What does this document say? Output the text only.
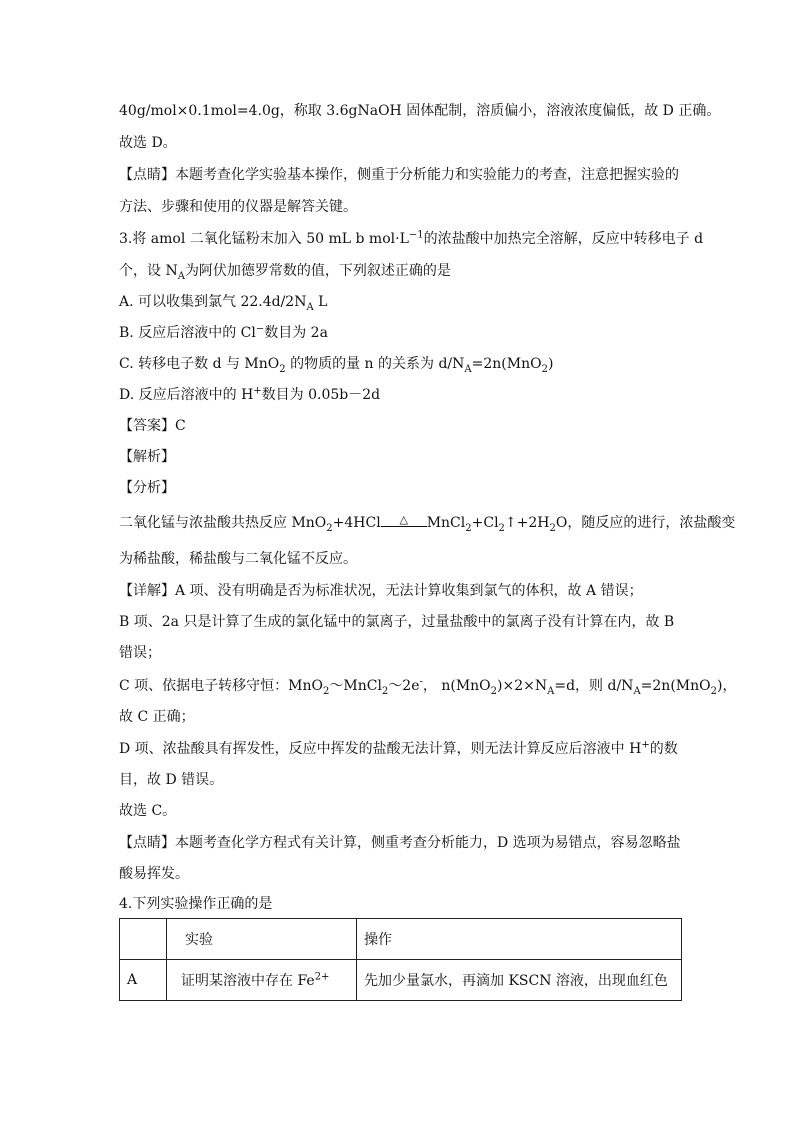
40g/mol×0.1mol=4.0g，称取 3.6gNaOH 固体配制，溶质偏小，溶液浓度偏低，故 D 正确。
故选 D。
【点睛】本题考查化学实验基本操作，侧重于分析能力和实验能力的考查，注意把握实验的
方法、步骤和使用的仪器是解答关键。
3.将 amol 二氧化锰粉末加入 50 mL b $mol\cdot L^{-1}$的浓盐酸中加热完全溶解，反应中转移电子 d
个，设 $N_A$为阿伏加德罗常数的值，下列叙述正确的是
A. 可以收集到氯气 $22.4d/2N_A$ L
B. 反应后溶液中的 Cl−数目为 2a
C. 转移电子数 d 与 MnO$_2$ 的物质的量 n 的关系为 $d/N_A=2n(MnO_2)$
D. 反应后溶液中的 H+数目为 0.05b－2d
【答案】C
【解析】
【分析】
二氧化锰与浓盐酸共热反应 MnO$_2$+4HCl	△	$MnCl_2+Cl_2↑+2H_2O$，随反应的进行，浓盐酸变
为稀盐酸，稀盐酸与二氧化锰不反应。
【详解】A 项、没有明确是否为标准状况，无法计算收集到氯气的体积，故 A 错误；
B 项、2a 只是计算了生成的氯化锰中的氯离子，过量盐酸中的氯离子没有计算在内，故 B
错误；
C 项、依据电子转移守恒：MnO$_2$～MnCl$_2$～2e-， $n(MnO_2)\times 2\times N_A=d$，则 $d/N_A=2n(MnO_2)$，
故 C 正确；
D 项、浓盐酸具有挥发性，反应中挥发的盐酸无法计算，则无法计算反应后溶液中 H+的数
目，故 D 错误。
故选 C。
【点睛】本题考查化学方程式有关计算，侧重考查分析能力，D 选项为易错点，容易忽略盐
酸易挥发。
4.下列实验操作正确的是
	实验	操作
A	证明某溶液中存在 $Fe^{2+}$	先加少量氯水，再滴加 KSCN 溶液，出现血红色
